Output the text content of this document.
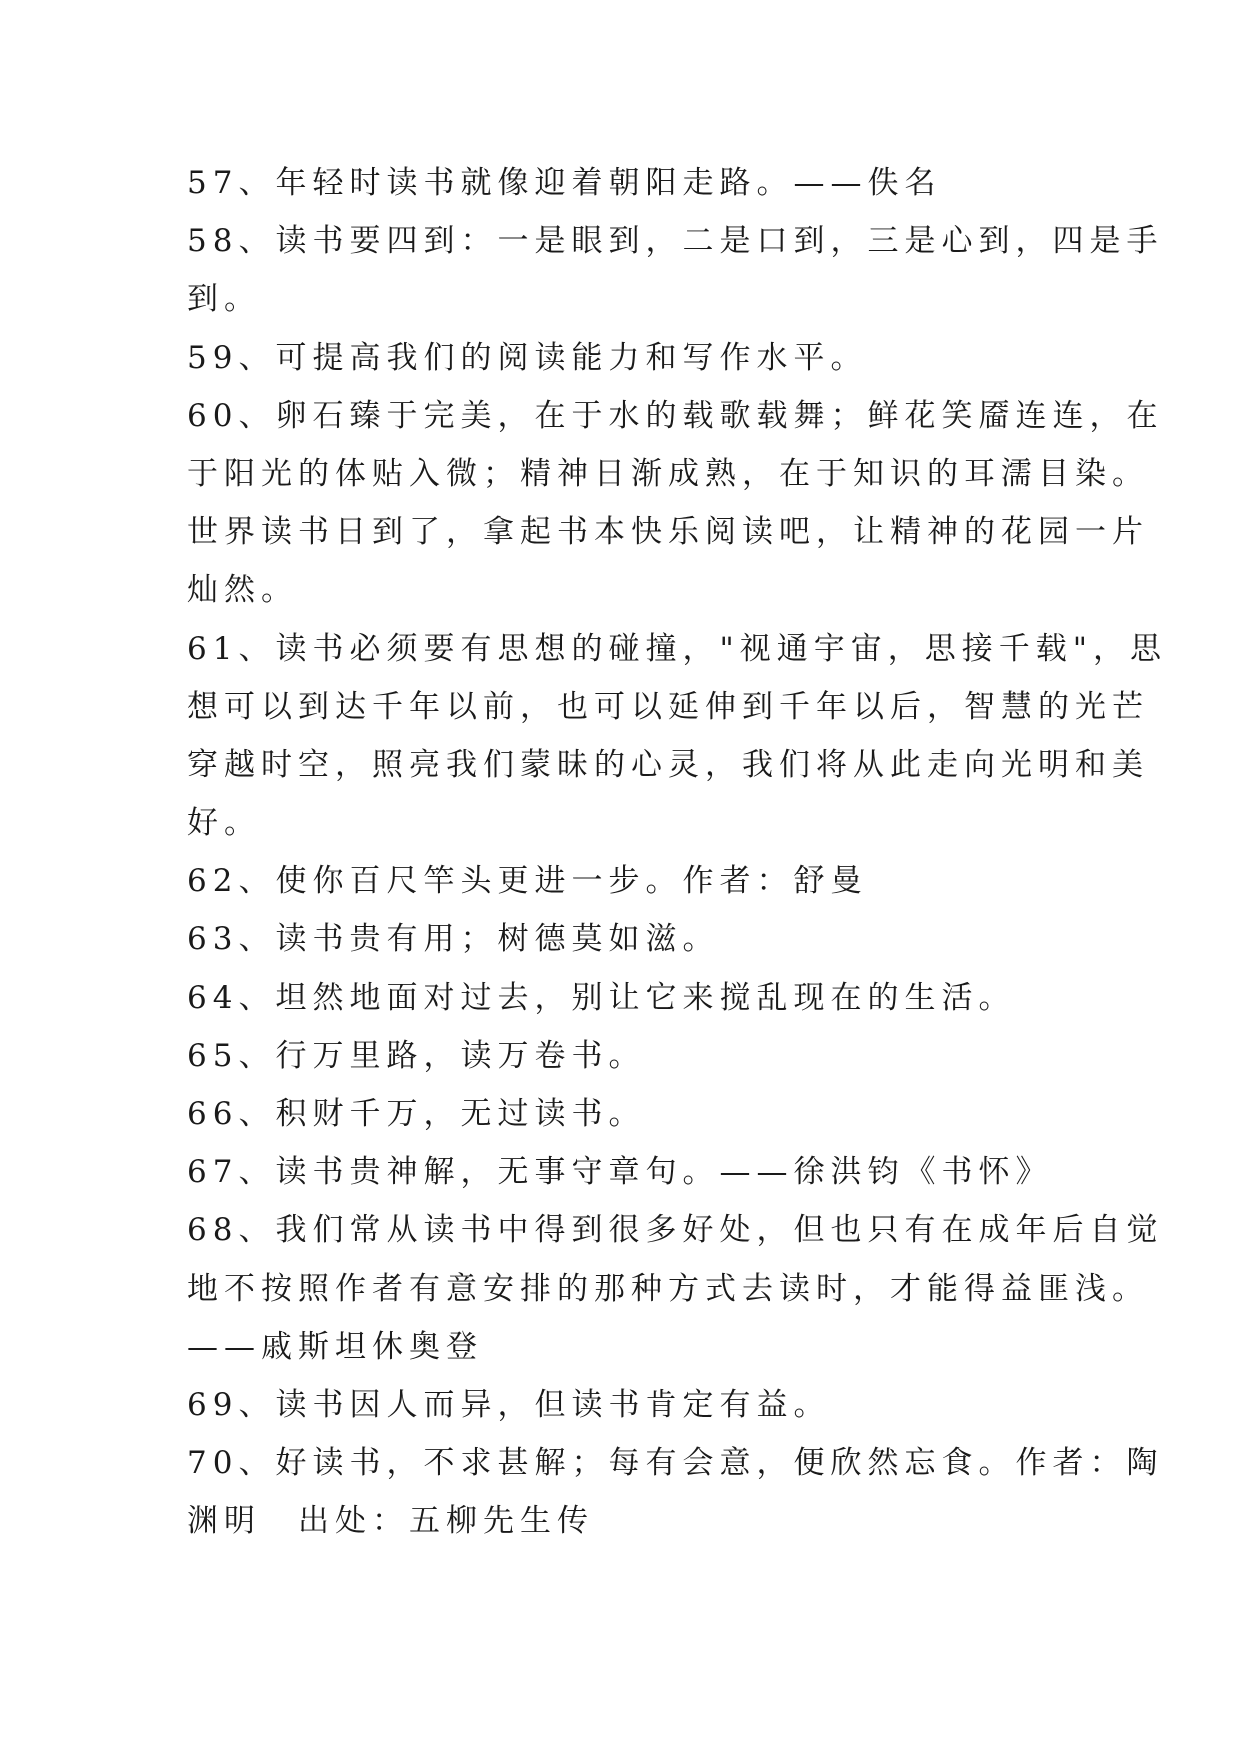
57、年轻时读书就像迎着朝阳走路。——佚名
58、读书要四到：一是眼到，二是口到，三是心到，四是手
到。
59、可提高我们的阅读能力和写作水平。
60、卵石臻于完美，在于水的载歌载舞；鲜花笑靥连连，在
于阳光的体贴入微；精神日渐成熟，在于知识的耳濡目染。
世界读书日到了，拿起书本快乐阅读吧，让精神的花园一片
灿然。
61、读书必须要有思想的碰撞，"视通宇宙，思接千载"，思
想可以到达千年以前，也可以延伸到千年以后，智慧的光芒
穿越时空，照亮我们蒙昧的心灵，我们将从此走向光明和美
好。
62、使你百尺竿头更进一步。作者：舒曼
63、读书贵有用；树德莫如滋。
64、坦然地面对过去，别让它来搅乱现在的生活。
65、行万里路，读万卷书。
66、积财千万，无过读书。
67、读书贵神解，无事守章句。——徐洪钧《书怀》
68、我们常从读书中得到很多好处，但也只有在成年后自觉
地不按照作者有意安排的那种方式去读时，才能得益匪浅。
——戚斯坦休奥登
69、读书因人而异，但读书肯定有益。
70、好读书，不求甚解；每有会意，便欣然忘食。作者：陶
渊明　出处：五柳先生传
